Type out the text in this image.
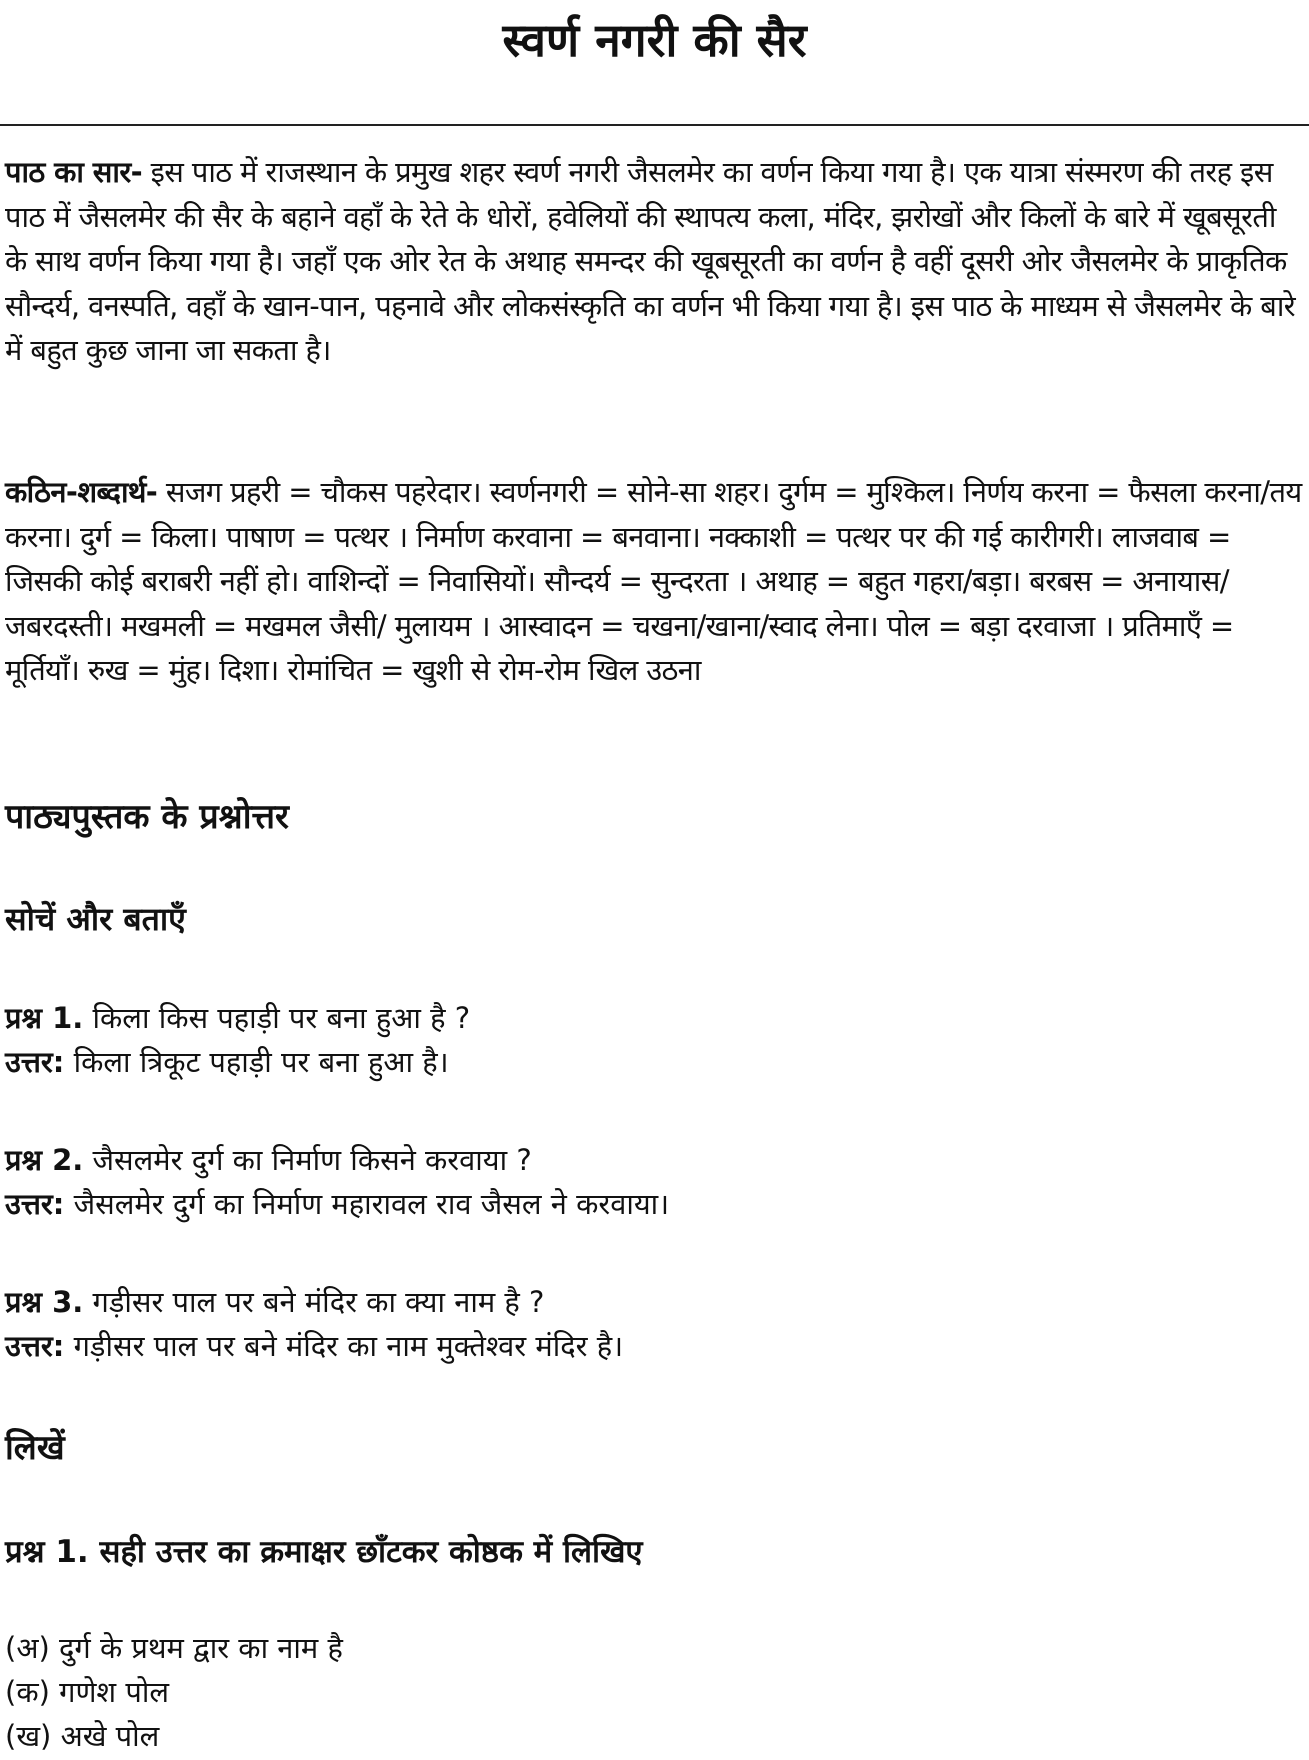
स्वर्ण नगरी की सैर
पाठ का सार- इस पाठ में राजस्थान के प्रमुख शहर स्वर्ण नगरी जैसलमेर का वर्णन किया गया है। एक यात्रा संस्मरण की तरह इस पाठ में जैसलमेर की सैर के बहाने वहाँ के रेते के धोरों, हवेलियों की स्थापत्य कला, मंदिर, झरोखों और किलों के बारे में खूबसूरती के साथ वर्णन किया गया है। जहाँ एक ओर रेत के अथाह समन्दर की खूबसूरती का वर्णन है वहीं दूसरी ओर जैसलमेर के प्राकृतिक सौन्दर्य, वनस्पति, वहाँ के खान-पान, पहनावे और लोकसंस्कृति का वर्णन भी किया गया है। इस पाठ के माध्यम से जैसलमेर के बारे में बहुत कुछ जाना जा सकता है।
कठिन-शब्दार्थ- सजग प्रहरी = चौकस पहरेदार। स्वर्णनगरी = सोने-सा शहर। दुर्गम = मुश्किल। निर्णय करना = फैसला करना/तय करना। दुर्ग = किला। पाषाण = पत्थर । निर्माण करवाना = बनवाना। नक्काशी = पत्थर पर की गई कारीगरी। लाजवाब = जिसकी कोई बराबरी नहीं हो। वाशिन्दों = निवासियों। सौन्दर्य = सुन्दरता । अथाह = बहुत गहरा/बड़ा। बरबस = अनायास/जबरदस्ती। मखमली = मखमल जैसी/ मुलायम । आस्वादन = चखना/खाना/स्वाद लेना। पोल = बड़ा दरवाजा । प्रतिमाएँ = मूर्तियाँ। रुख = मुंह। दिशा। रोमांचित = खुशी से रोम-रोम खिल उठना
पाठ्यपुस्तक के प्रश्नोत्तर
सोचें और बताएँ
प्रश्न 1. किला किस पहाड़ी पर बना हुआ है ?
उत्तर: किला त्रिकूट पहाड़ी पर बना हुआ है।
प्रश्न 2. जैसलमेर दुर्ग का निर्माण किसने करवाया ?
उत्तर: जैसलमेर दुर्ग का निर्माण महारावल राव जैसल ने करवाया।
प्रश्न 3. गड़ीसर पाल पर बने मंदिर का क्या नाम है ?
उत्तर: गड़ीसर पाल पर बने मंदिर का नाम मुक्तेश्वर मंदिर है।
लिखें
प्रश्न 1. सही उत्तर का क्रमाक्षर छाँटकर कोष्ठक में लिखिए
(अ) दुर्ग के प्रथम द्वार का नाम है
(क) गणेश पोल
(ख) अखे पोल
